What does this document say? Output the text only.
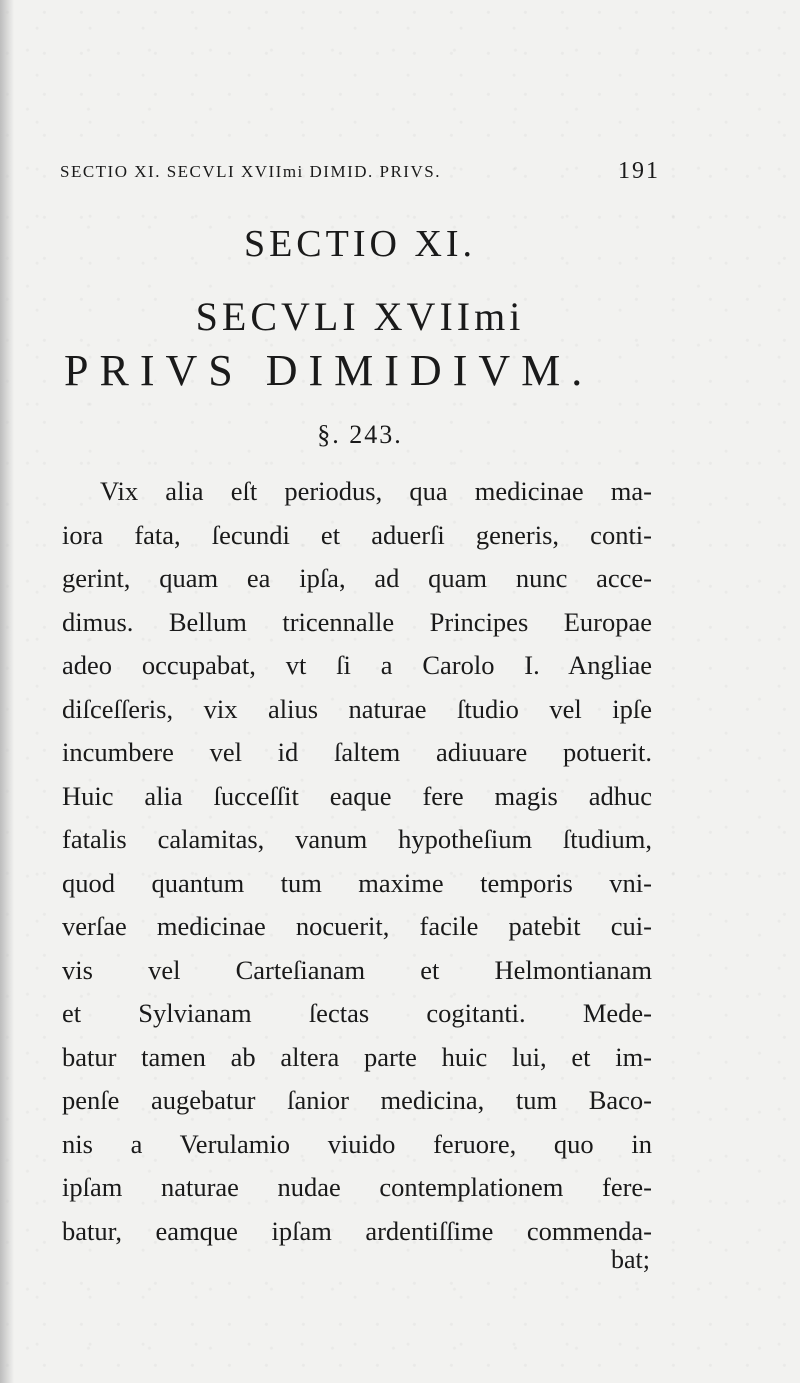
SECTIO XI. SECVLI XVIImi DIMID. PRIVS.	191
SECTIO XI.
SECVLI XVIImi
PRIVS DIMIDIVM.
§. 243.
Vix alia eſt periodus, qua medicinae ma-
iora fata, ſecundi et aduerſi generis, conti-
gerint, quam ea ipſa, ad quam nunc acce-
dimus. Bellum tricennalle Principes Europae
adeo occupabat, vt ſi a Carolo I. Angliae
diſceſſeris, vix alius naturae ſtudio vel ipſe
incumbere vel id ſaltem adiuuare potuerit.
Huic alia ſucceſſit eaque fere magis adhuc
fatalis calamitas, vanum hypotheſium ſtudium,
quod quantum tum maxime temporis vni-
verſae medicinae nocuerit, facile patebit cui-
vis vel Carteſianam et Helmontianam
et Sylvianam ſectas cogitanti. Mede-
batur tamen ab altera parte huic lui, et im-
penſe augebatur ſanior medicina, tum Baco-
nis a Verulamio viuido feruore, quo in
ipſam naturae nudae contemplationem fere-
batur, eamque ipſam ardentiſſime commenda-
bat;
